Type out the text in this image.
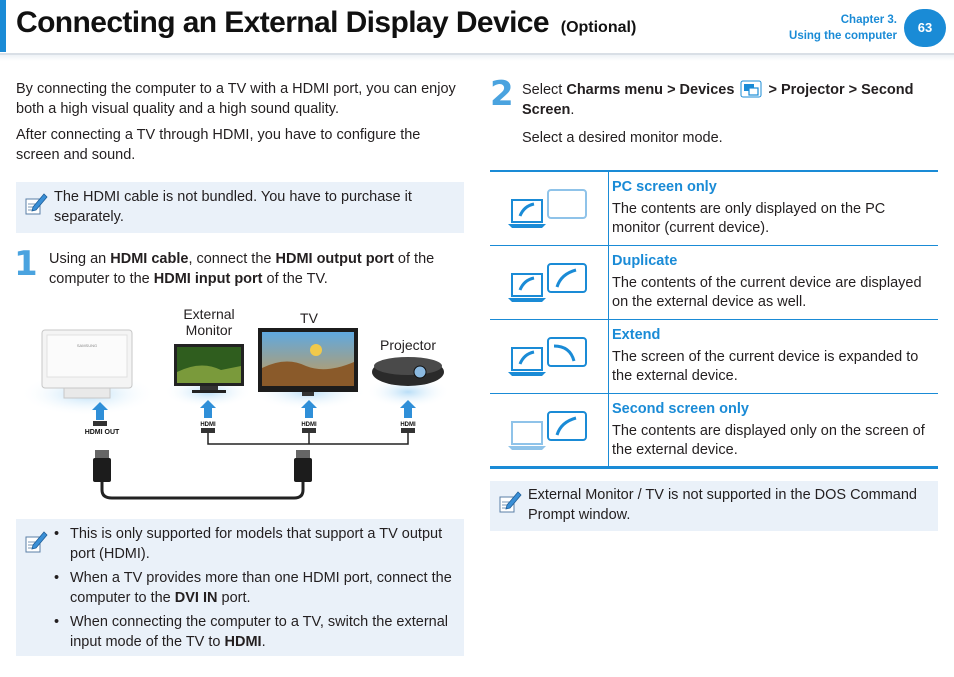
Connecting an External Display Device (Optional)	Chapter 3.
Using the computer
63
By connecting the computer to a TV with a HDMI port, you can enjoy both a high visual quality and a high sound quality.
After connecting a TV through HDMI, you have to configure the screen and sound.
The HDMI cable is not bundled. You have to purchase it separately.
1 Using an HDMI cable, connect the HDMI output port of the computer to the HDMI input port of the TV.
External Monitor
TV
Projector
SAMSUNG
HDMI OUT
HDMI	HDMI	HDMI
• This is only supported for models that support a TV output port (HDMI).
• When a TV provides more than one HDMI port, connect the computer to the DVI IN port.
• When connecting the computer to a TV, switch the external input mode of the TV to HDMI.
2 Select Charms menu > Devices  > Projector > Second Screen.
Select a desired monitor mode.
PC screen only
The contents are only displayed on the PC monitor (current device).
Duplicate
The contents of the current device are displayed on the external device as well.
Extend
The screen of the current device is expanded to the external device.
Second screen only
The contents are displayed only on the screen of the external device.
External Monitor / TV is not supported in the DOS Command Prompt window.
